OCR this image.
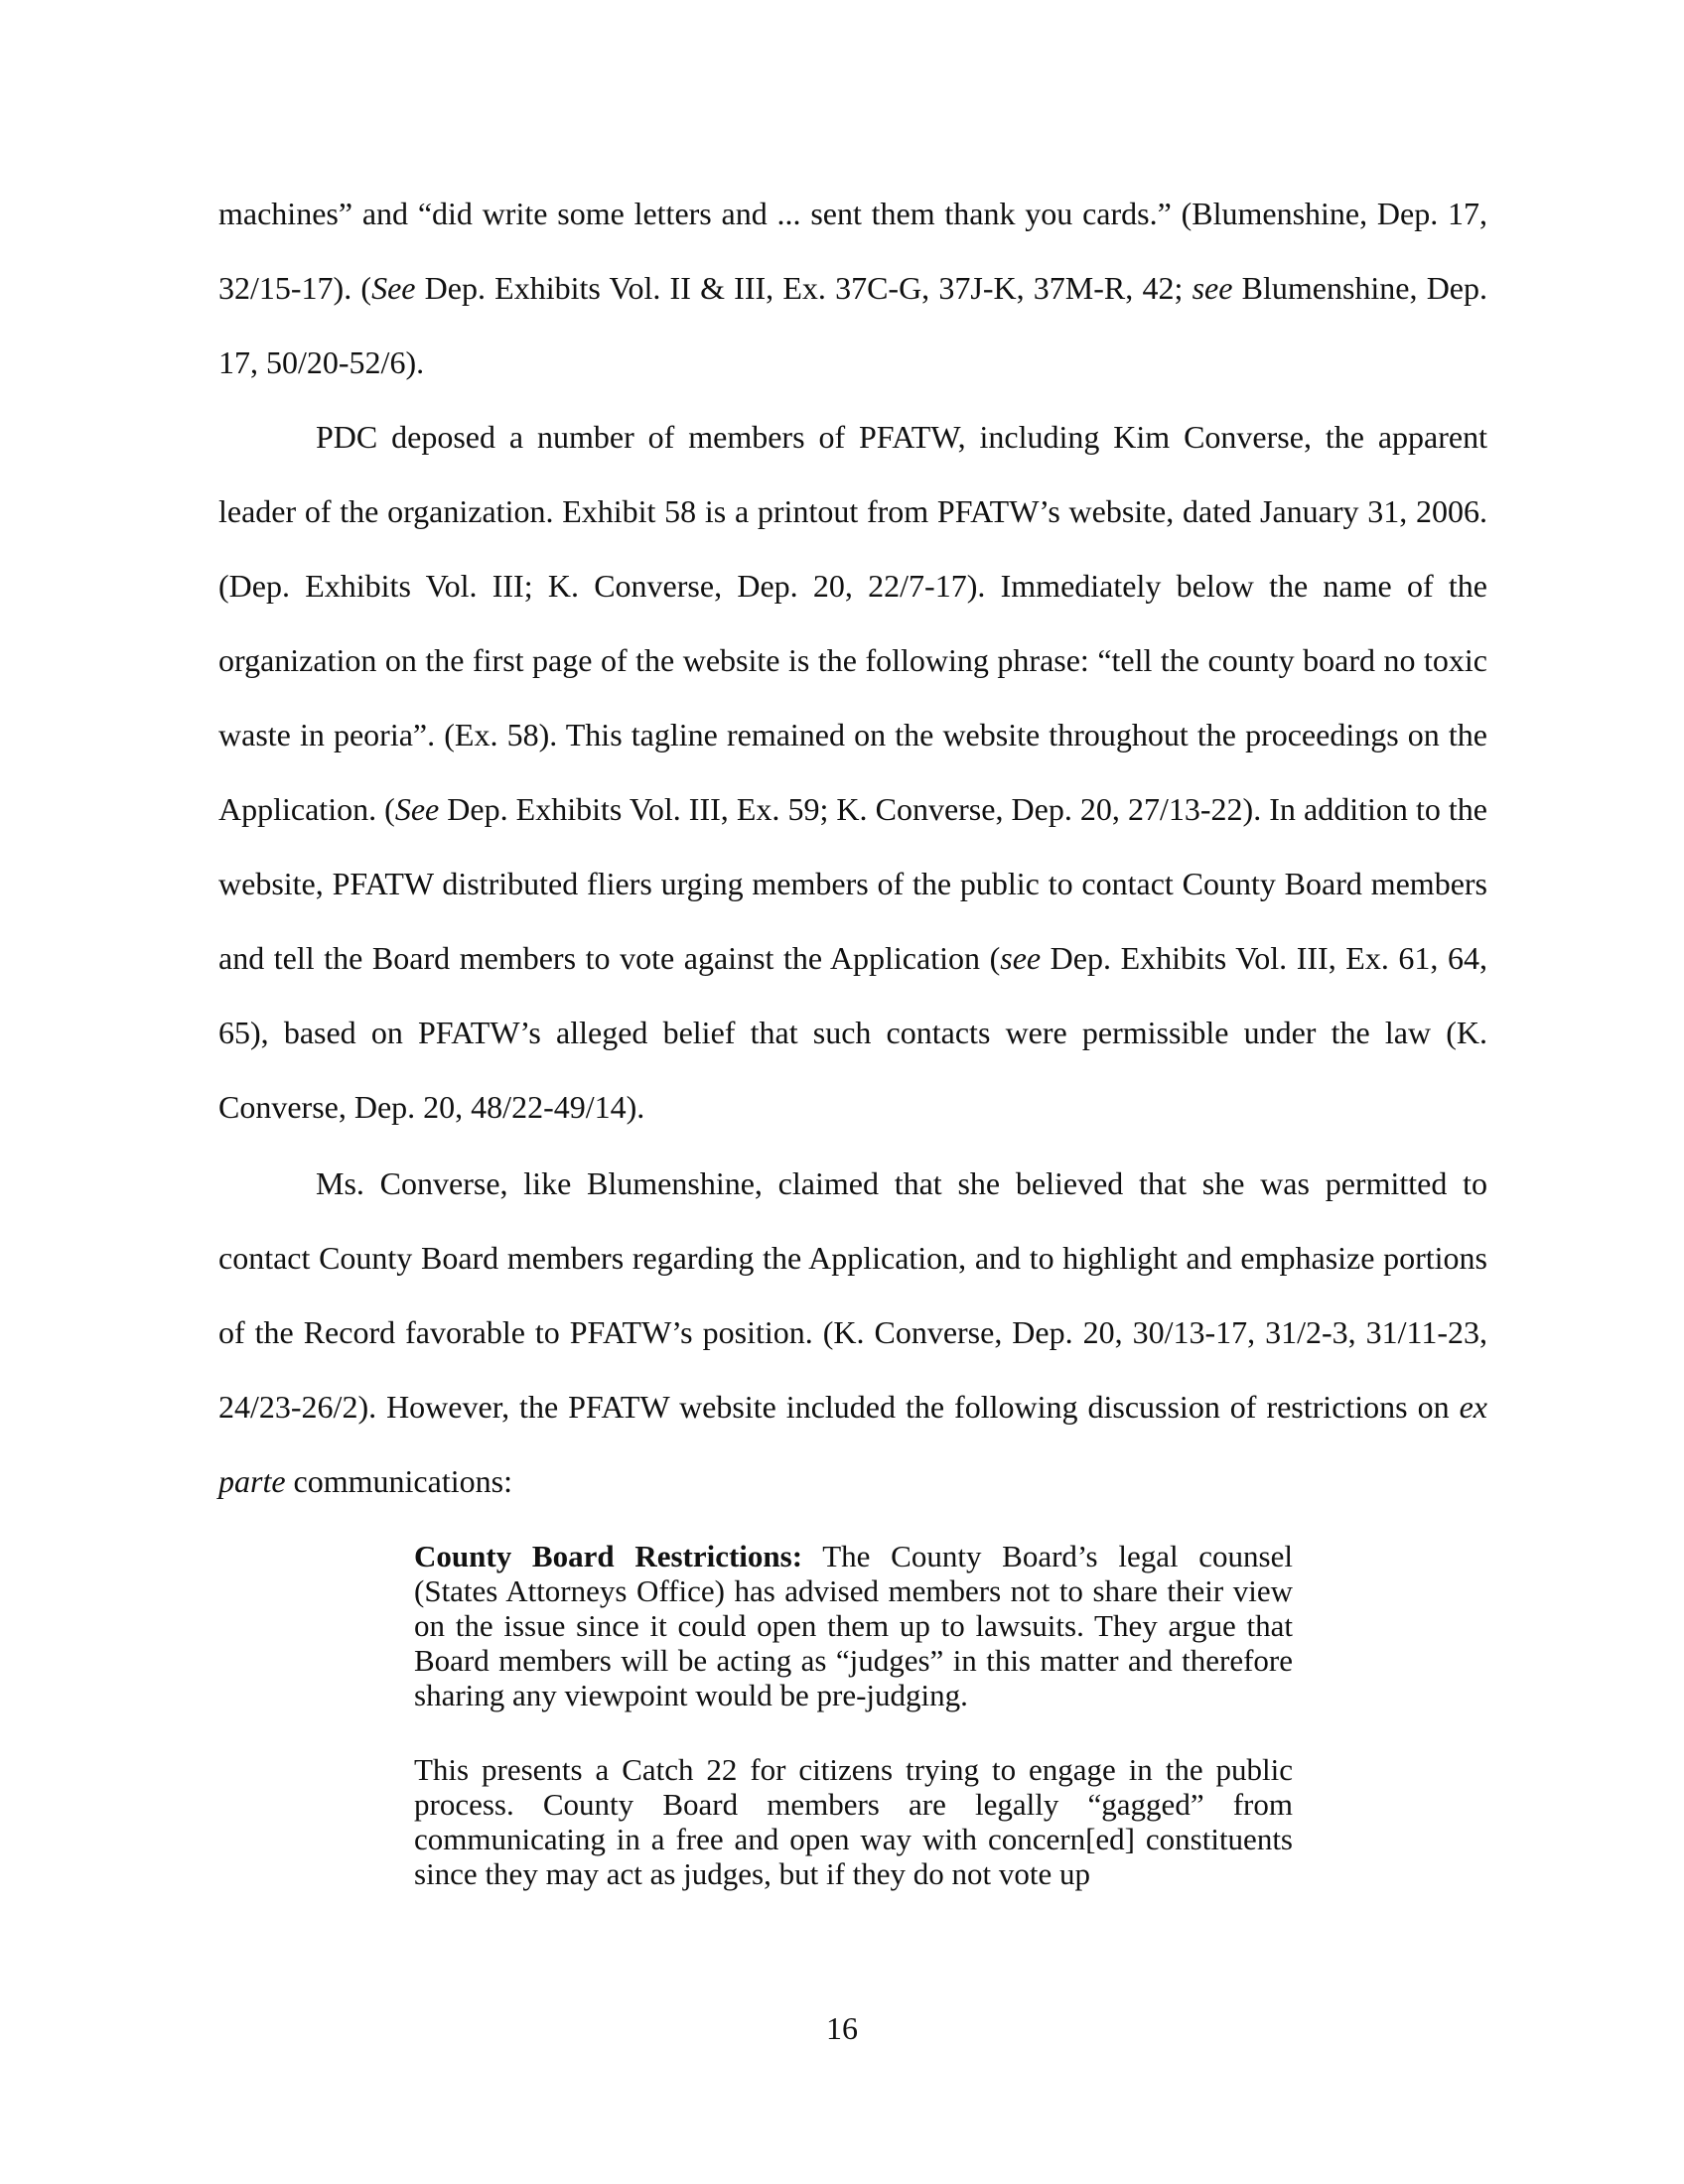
machines” and “did write some letters and ... sent them thank you cards.” (Blumenshine, Dep. 17, 32/15-17). (See Dep. Exhibits Vol. II & III, Ex. 37C-G, 37J-K, 37M-R, 42; see Blumenshine, Dep. 17, 50/20-52/6).

PDC deposed a number of members of PFATW, including Kim Converse, the apparent leader of the organization. Exhibit 58 is a printout from PFATW’s website, dated January 31, 2006. (Dep. Exhibits Vol. III; K. Converse, Dep. 20, 22/7-17). Immediately below the name of the organization on the first page of the website is the following phrase: “tell the county board no toxic waste in peoria”. (Ex. 58). This tagline remained on the website throughout the proceedings on the Application. (See Dep. Exhibits Vol. III, Ex. 59; K. Converse, Dep. 20, 27/13-22). In addition to the website, PFATW distributed fliers urging members of the public to contact County Board members and tell the Board members to vote against the Application (see Dep. Exhibits Vol. III, Ex. 61, 64, 65), based on PFATW’s alleged belief that such contacts were permissible under the law (K. Converse, Dep. 20, 48/22-49/14).

Ms. Converse, like Blumenshine, claimed that she believed that she was permitted to contact County Board members regarding the Application, and to highlight and emphasize portions of the Record favorable to PFATW’s position. (K. Converse, Dep. 20, 30/13-17, 31/2-3, 31/11-23, 24/23-26/2). However, the PFATW website included the following discussion of restrictions on ex parte communications:

County Board Restrictions: The County Board’s legal counsel (States Attorneys Office) has advised members not to share their view on the issue since it could open them up to lawsuits. They argue that Board members will be acting as “judges” in this matter and therefore sharing any viewpoint would be pre-judging.

This presents a Catch 22 for citizens trying to engage in the public process. County Board members are legally “gagged” from communicating in a free and open way with concern[ed] constituents since they may act as judges, but if they do not vote up

16
